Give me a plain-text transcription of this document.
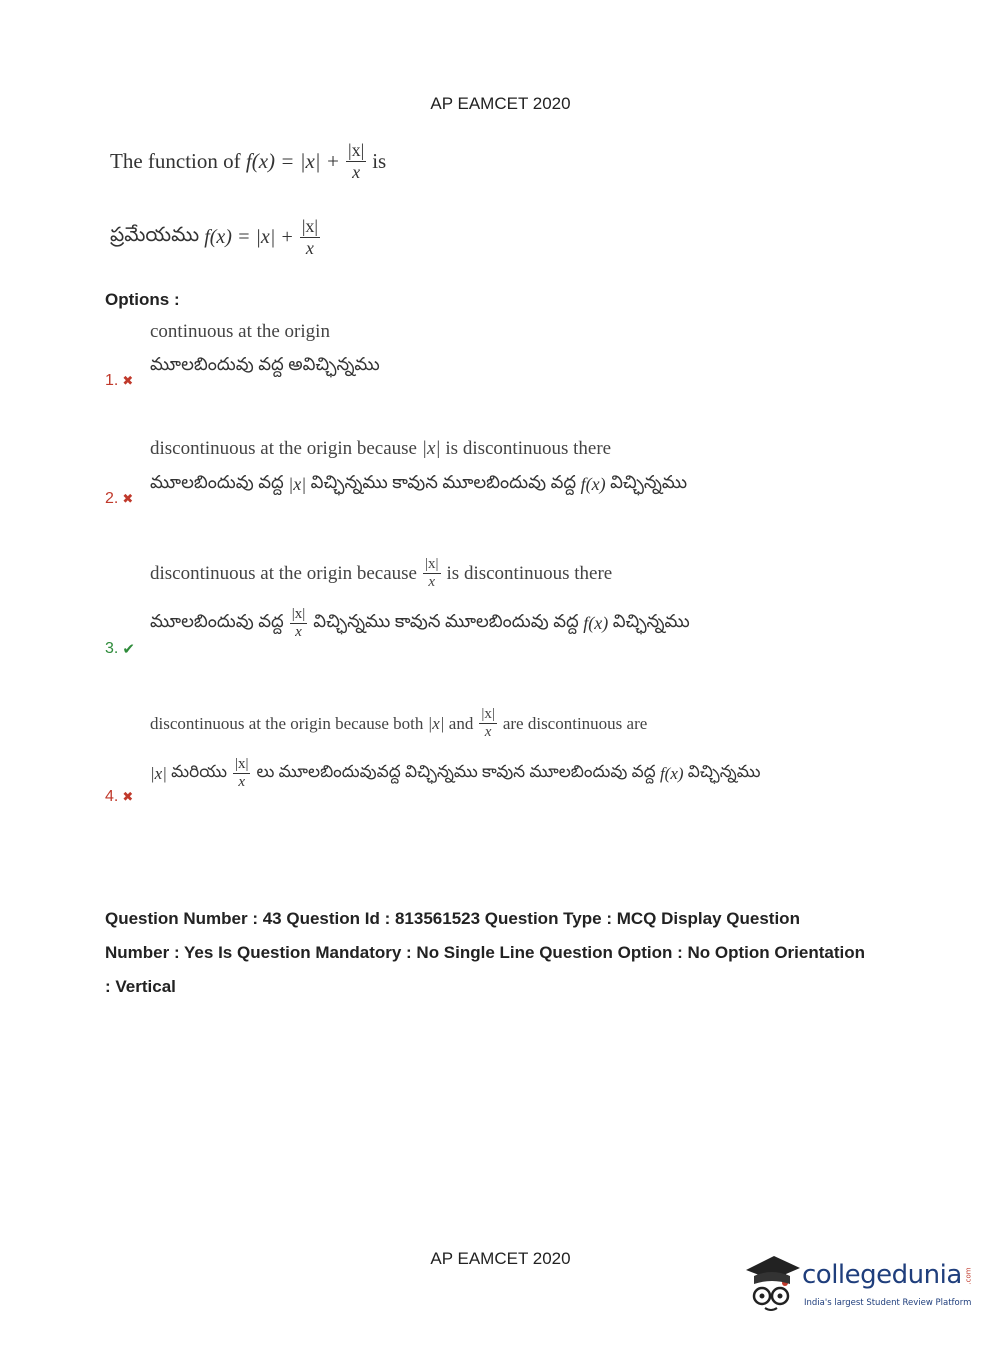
AP EAMCET 2020
The function of
$f(x) = |x| + \frac{|x|}{x}$ is
ప్రమేయము
$f(x) = |x| + \frac{|x|}{x}$
Options :
continuous at the origin
మూలబిందువు వద్ద అవిచ్ఛిన్నము
1. ✖
discontinuous at the origin because
|x|
is discontinuous there
మూలబిందువు వద్ద
|x|
విచ్ఛిన్నము కావున మూలబిందువు వద్ద
f(x)
విచ్ఛిన్నము
2. ✖
discontinuous at the origin because $\frac{|x|}{x}$ is discontinuous there
మూలబిందువు వద్ద $\frac{|x|}{x}$ విచ్ఛిన్నము కావున మూలబిందువు వద్ద
f(x)
విచ్ఛిన్నము
3. ✔
discontinuous at the origin because both
|x|
and $\frac{|x|}{x}$ are discontinuous are
|x|
మరియు $\frac{|x|}{x}$ లు మూలబిందువువద్ద విచ్ఛిన్నము కావున మూలబిందువు వద్ద
f(x)
విచ్ఛిన్నము
4. ✖
Question Number : 43 Question Id : 813561523 Question Type : MCQ Display Question Number : Yes Is Question Mandatory : No Single Line Question Option : No Option Orientation : Vertical
AP EAMCET 2020
collegedunia .com
India's largest Student Review Platform
